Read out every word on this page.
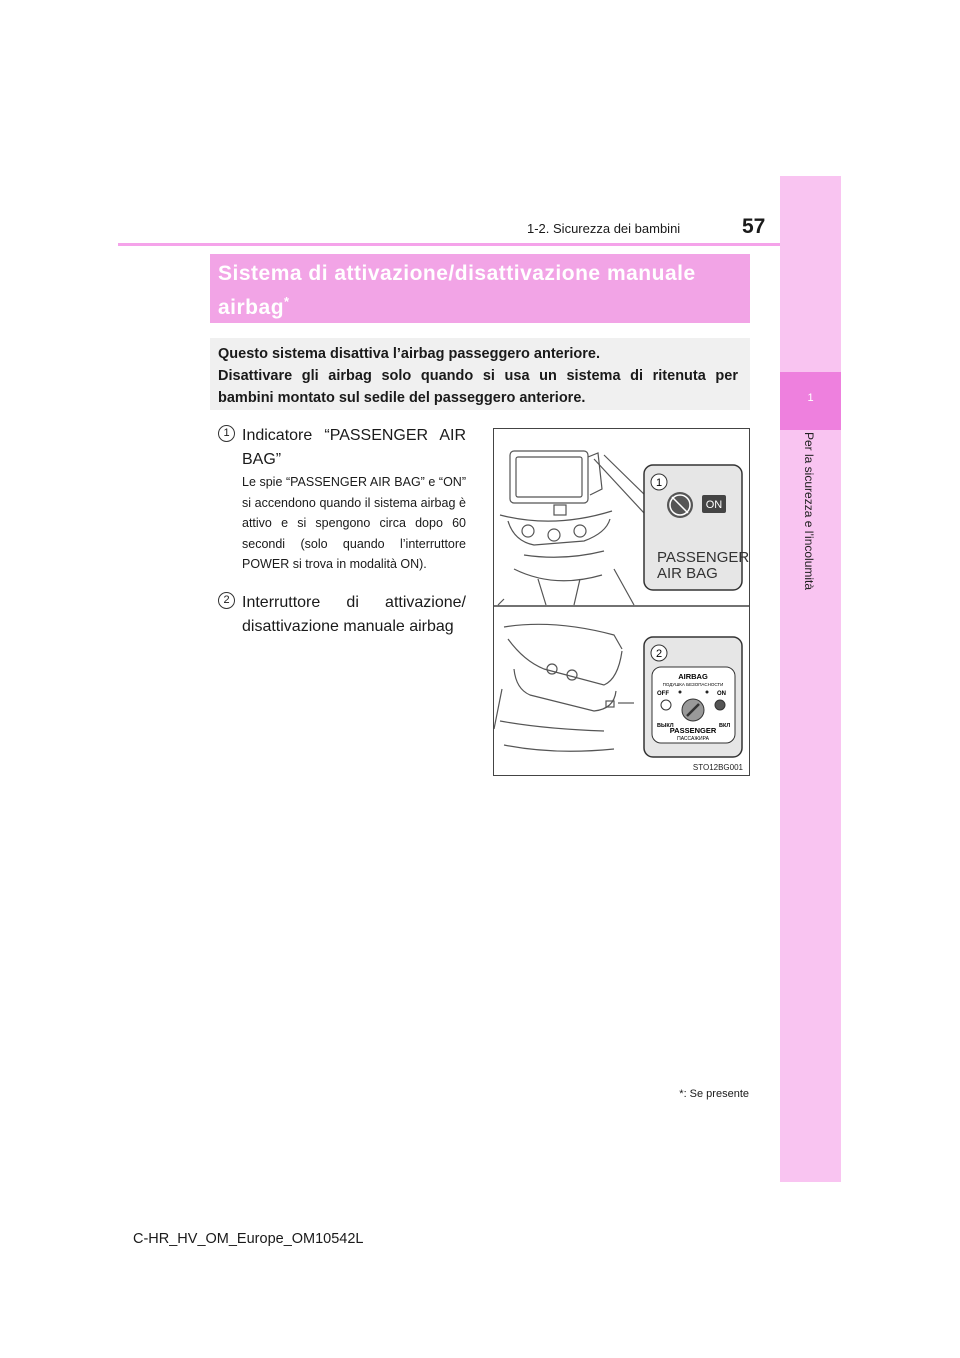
57
1-2. Sicurezza dei bambini
1
Per la sicurezza e l’incolumità
Sistema di attivazione/disattivazione manuale
airbag*
Questo sistema disattiva l’airbag passeggero anteriore.
Disattivare gli airbag solo quando si usa un sistema di ritenuta per
bambini montato sul sedile del passeggero anteriore.
1 Indicatore “PASSENGER AIR
BAG”
Le spie “PASSENGER AIR BAG” e “ON” si accendono quando il sistema airbag è attivo e si spengono circa dopo 60 secondi (solo quando l’interruttore POWER si trova in modalità ON).
2 Interruttore di attivazione/
disattivazione manuale airbag
1
ON
PASSENGER
AIR BAG
2
AIRBAG
ПОДУШКА БЕЗОПАСНОСТИ
OFF	ON
ВЫКЛ	ВКЛ
PASSENGER
ПАССАЖИРА
STO12BG001
*: Se presente
C-HR_HV_OM_Europe_OM10542L
